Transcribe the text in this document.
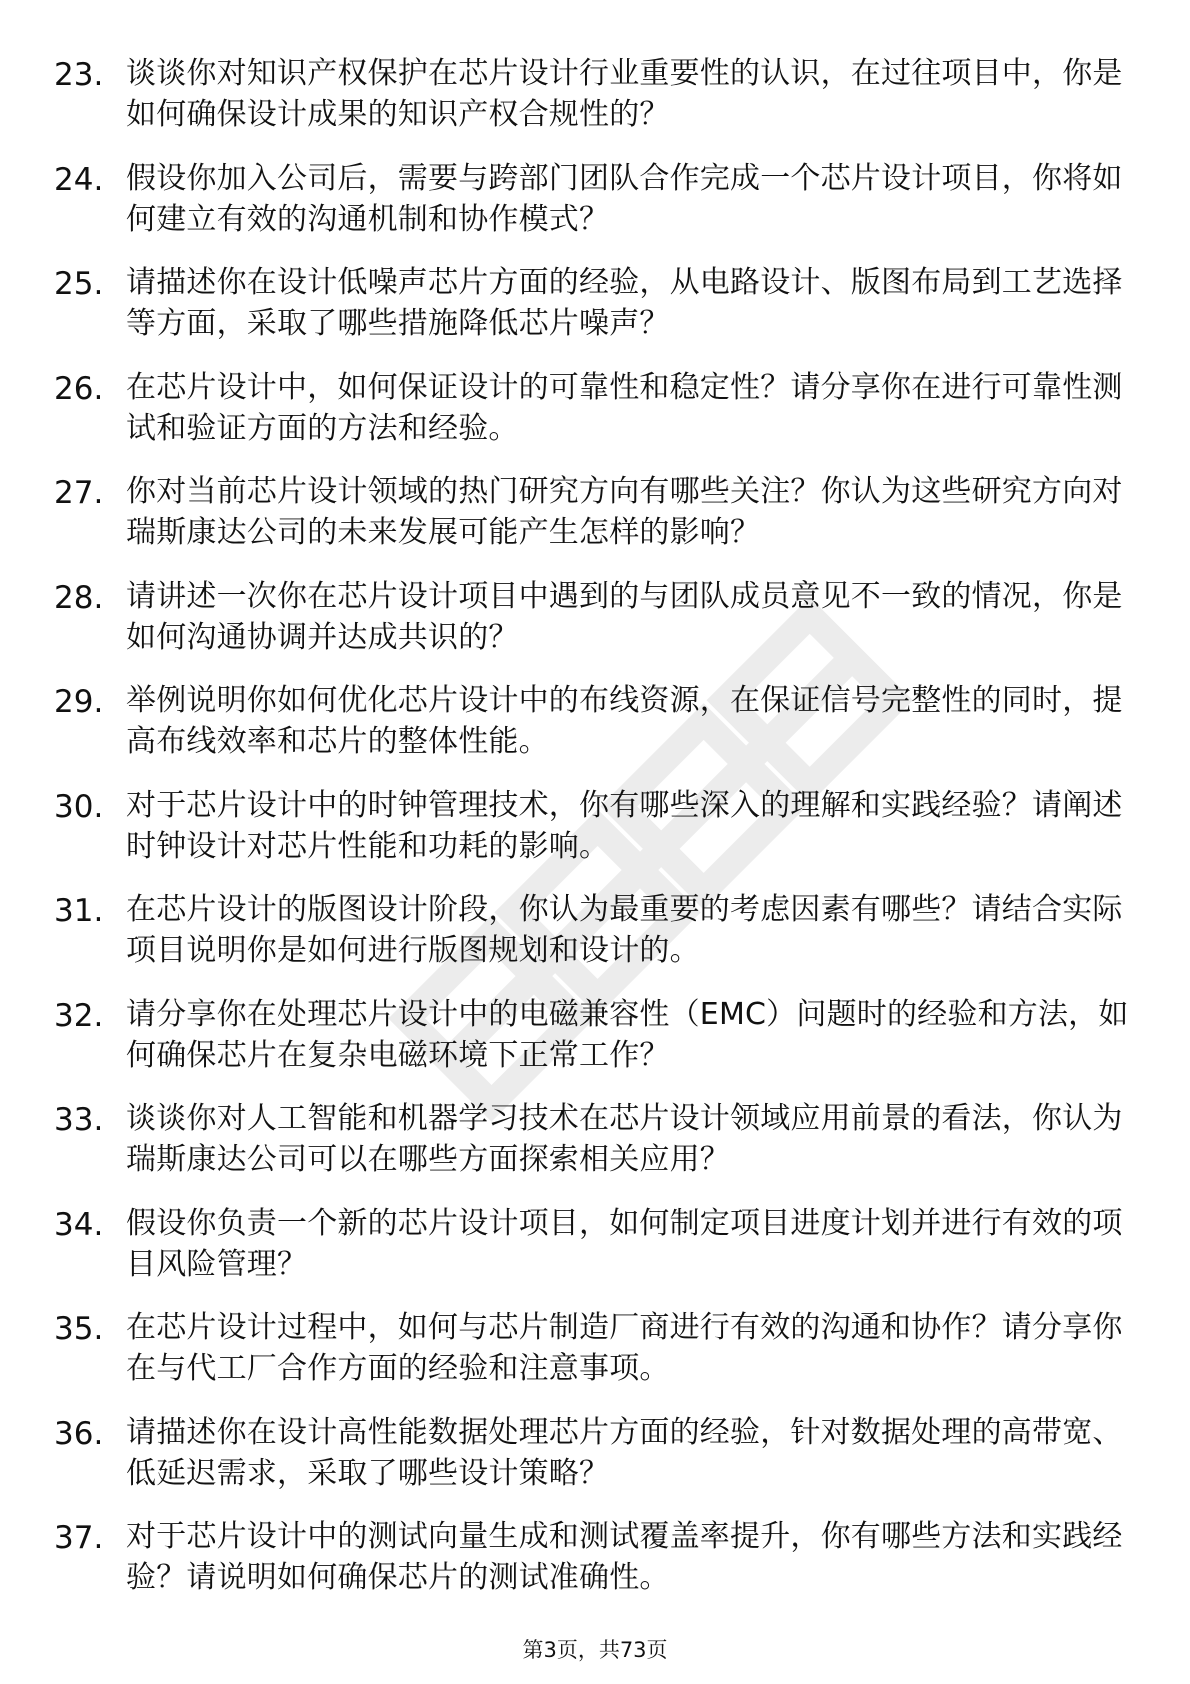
23. 谈谈你对知识产权保护在芯片设计行业重要性的认识，在过往项目中，你是如何确保设计成果的知识产权合规性的？
24. 假设你加入公司后，需要与跨部门团队合作完成一个芯片设计项目，你将如何建立有效的沟通机制和协作模式？
25. 请描述你在设计低噪声芯片方面的经验，从电路设计、版图布局到工艺选择等方面，采取了哪些措施降低芯片噪声？
26. 在芯片设计中，如何保证设计的可靠性和稳定性？请分享你在进行可靠性测试和验证方面的方法和经验。
27. 你对当前芯片设计领域的热门研究方向有哪些关注？你认为这些研究方向对瑞斯康达公司的未来发展可能产生怎样的影响？
28. 请讲述一次你在芯片设计项目中遇到的与团队成员意见不一致的情况，你是如何沟通协调并达成共识的？
29. 举例说明你如何优化芯片设计中的布线资源，在保证信号完整性的同时，提高布线效率和芯片的整体性能。
30. 对于芯片设计中的时钟管理技术，你有哪些深入的理解和实践经验？请阐述时钟设计对芯片性能和功耗的影响。
31. 在芯片设计的版图设计阶段，你认为最重要的考虑因素有哪些？请结合实际项目说明你是如何进行版图规划和设计的。
32. 请分享你在处理芯片设计中的电磁兼容性（EMC）问题时的经验和方法，如何确保芯片在复杂电磁环境下正常工作？
33. 谈谈你对人工智能和机器学习技术在芯片设计领域应用前景的看法，你认为瑞斯康达公司可以在哪些方面探索相关应用？
34. 假设你负责一个新的芯片设计项目，如何制定项目进度计划并进行有效的项目风险管理？
35. 在芯片设计过程中，如何与芯片制造厂商进行有效的沟通和协作？请分享你在与代工厂合作方面的经验和注意事项。
36. 请描述你在设计高性能数据处理芯片方面的经验，针对数据处理的高带宽、低延迟需求，采取了哪些设计策略？
37. 对于芯片设计中的测试向量生成和测试覆盖率提升，你有哪些方法和实践经验？请说明如何确保芯片的测试准确性。
第3页，共73页
